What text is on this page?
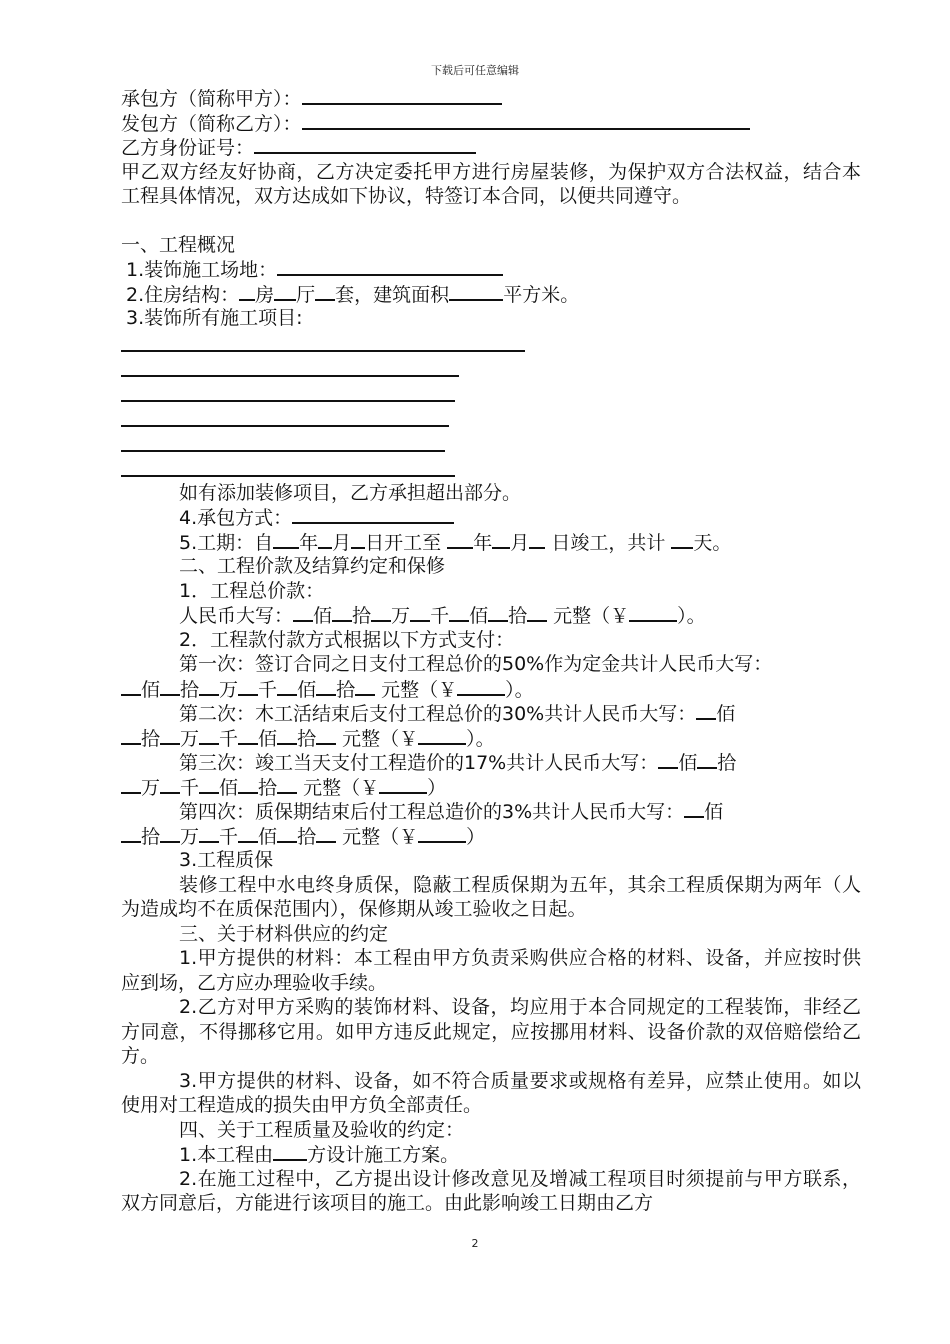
下载后可任意编辑
承包方（简称甲方）：
发包方（简称乙方）：
乙方身份证号：
甲乙双方经友好协商，乙方决定委托甲方进行房屋装修，为保护双方合法权益，结合本工程具体情况，双方达成如下协议，特签订本合同，以便共同遵守。
一、工程概况
1.装饰施工场地：
2.住房结构： 房 厅 套，建筑面积	平方米。
3.装饰所有施工项目:
如有添加装修项目，乙方承担超出部分。
4.承包方式：
5.工期：自 年 月 日开工至 年 月 日竣工，共计 天。
二、工程价款及结算约定和保修
1．工程总价款：
人民币大写： 佰 拾 万 千 佰 拾 元整（￥	）。
2．工程款付款方式根据以下方式支付：
第一次：签订合同之日支付工程总价的50%作为定金共计人民币大写：
佰 拾 万 千 佰 拾 元整（￥	）。
第二次：木工活结束后支付工程总价的30%共计人民币大写： 佰
拾 万 千 佰 拾 元整（￥	）。
第三次：竣工当天支付工程造价的17%共计人民币大写： 佰 拾
万 千 佰 拾 元整（￥	）
第四次：质保期结束后付工程总造价的3%共计人民币大写： 佰
拾 万 千 佰 拾 元整（￥	）
3.工程质保
装修工程中水电终身质保，隐蔽工程质保期为五年，其余工程质保期为两年（人为造成均不在质保范围内），保修期从竣工验收之日起。
三、关于材料供应的约定
1.甲方提供的材料：本工程由甲方负责采购供应合格的材料、设备，并应按时供应到场，乙方应办理验收手续。
2.乙方对甲方采购的装饰材料、设备，均应用于本合同规定的工程装饰，非经乙方同意，不得挪移它用。如甲方违反此规定，应按挪用材料、设备价款的双倍赔偿给乙方。
3.甲方提供的材料、设备，如不符合质量要求或规格有差异，应禁止使用。如以使用对工程造成的损失由甲方负全部责任。
四、关于工程质量及验收的约定：
1.本工程由 方设计施工方案。
2.在施工过程中，乙方提出设计修改意见及增减工程项目时须提前与甲方联系，双方同意后，方能进行该项目的施工。由此影响竣工日期由乙方
2
